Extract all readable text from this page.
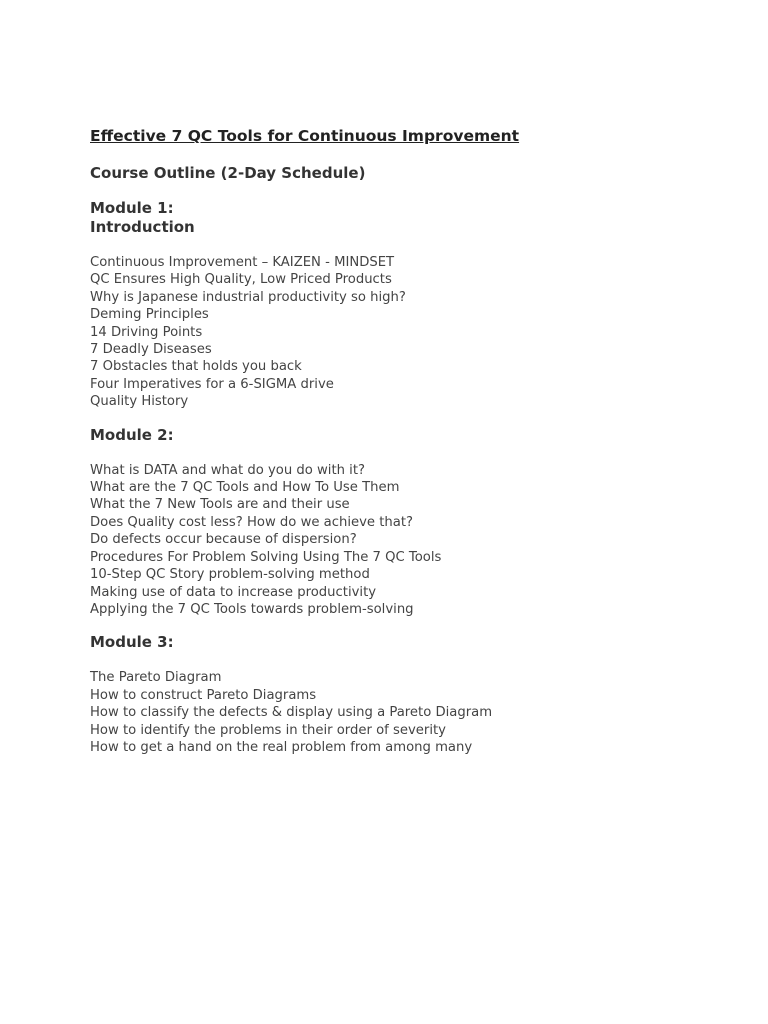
Effective 7 QC Tools for Continuous Improvement
Course Outline (2-Day Schedule)
Module 1:
Introduction
Continuous Improvement – KAIZEN - MINDSET
QC Ensures High Quality, Low Priced Products
Why is Japanese industrial productivity so high?
Deming Principles
14 Driving Points
7 Deadly Diseases
7 Obstacles that holds you back
Four Imperatives for a 6-SIGMA drive
Quality History
Module 2:
What is DATA and what do you do with it?
What are the 7 QC Tools and How To Use Them
What the 7 New Tools are and their use
Does Quality cost less? How do we achieve that?
Do defects occur because of dispersion?
Procedures For Problem Solving Using The 7 QC Tools
10-Step QC Story problem-solving method
Making use of data to increase productivity
Applying the 7 QC Tools towards problem-solving
Module 3:
The Pareto Diagram
How to construct Pareto Diagrams
How to classify the defects & display using a Pareto Diagram
How to identify the problems in their order of severity
How to get a hand on the real problem from among many
